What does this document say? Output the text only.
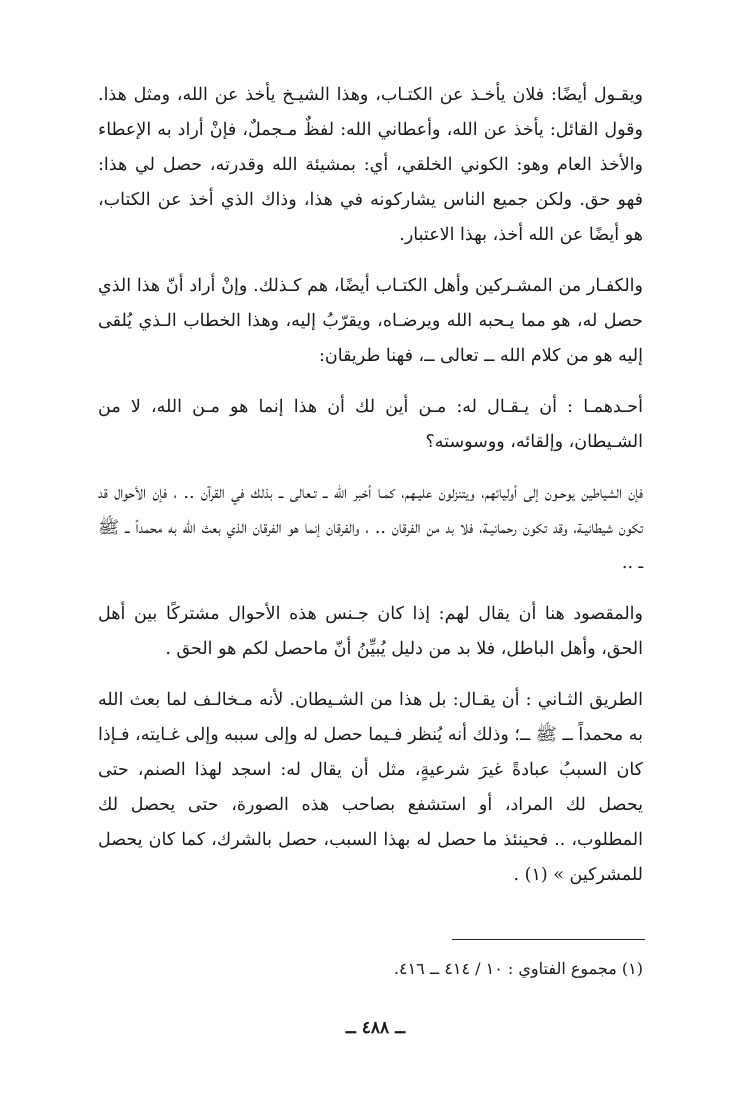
ويقـول أيضًا: فلان يأخـذ عن الكتـاب، وهذا الشيـخ يأخذ عن الله، ومثل هذا. وقول القائل: يأخذ عن الله، وأعطاني الله: لفظٌ مـجملٌ، فإنْ أراد به الإعطاء والأخذ العام وهو: الكوني الخلقي، أي: بمشيئة الله وقدرته، حصل لي هذا: فهو حق. ولكن جميع الناس يشاركونه في هذا، وذاك الذي أخذ عن الكتاب، هو أيضًا عن الله أخذ، بهذا الاعتبار.

والكفـار من المشـركين وأهل الكتـاب أيضًا، هم كـذلك. وإنْ أراد أنّ هذا الذي حصل له، هو مما يـحبه الله ويرضـاه، ويقرّبُ إليه، وهذا الخطاب الـذي يُلقى إليه هو من كلام الله ــ تعالى ــ، فهنا طريقان:

أحـدهمـا : أن يـقـال له: مـن أين لك أن هذا إنما هو مـن الله، لا من الشـيطان، وإلقائه، ووسوسته؟

فإن الشياطين يوحـون إلى أوليائهم، ويتنزلون عليـهم، كمـا أخبر الله ــ تـعالى ــ بذلك في القرآن .. ، فإن الأحوال قد تكون شيطانيـة، وقد تكون رحمانيـة، فلا بد من الفرقان .. ، والفرقان إنما هو الفرقان الذي بعث الله به محمداً ــ ﷺ ــ ..

والمقصود هنا أن يقال لهم: إذا كان جـنس هذه الأحوال مشتركًا بين أهل الحق، وأهل الباطل، فلا بد من دليل يُبيِّنُ أنّ ماحصل لكم هو الحق .

الطريق الثـاني : أن يقـال: بل هذا من الشـيطان. لأنه مـخالـف لما بعث الله به محمداً ــ ﷺ ــ؛ وذلك أنه يُنظر فـيما حصل له وإلى سببه وإلى غـايته، فـإذا كان السببُ عبادةً غيرَ شرعيةٍ، مثل أن يقال له: اسجد لهذا الصنم، حتى يحصل لك المراد، أو استشفع بصاحب هذه الصورة، حتى يحصل لك المطلوب، .. فحينئذ ما حصل له بهذا السبب، حصل بالشرك، كما كان يحصل للمشركين » (١) .

(١) مجموع الفتاوي : ١٠ / ٤١٤ ــ ٤١٦.
ــ ٤٨٨ ــ
